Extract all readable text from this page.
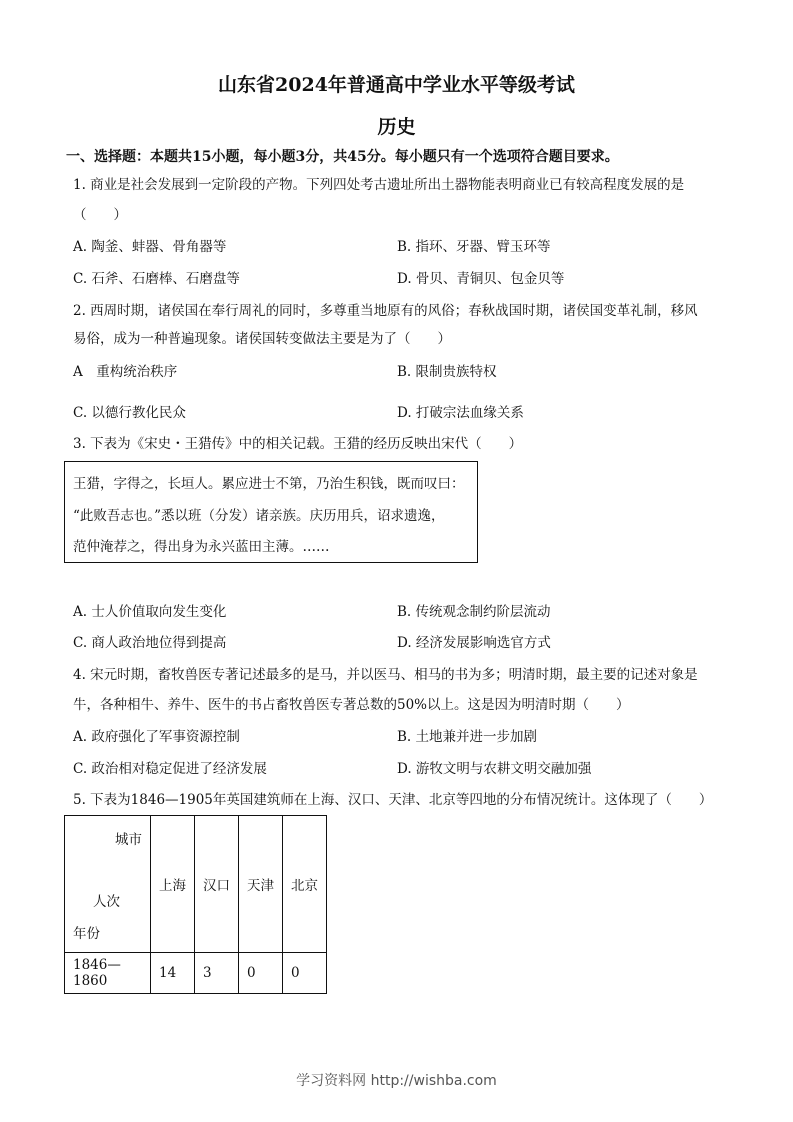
山东省2024年普通高中学业水平等级考试
历史
一、选择题：本题共15小题，每小题3分，共45分。每小题只有一个选项符合题目要求。
1. 商业是社会发展到一定阶段的产物。下列四处考古遗址所出土器物能表明商业已有较高程度发展的是
（　　）
A. 陶釜、蚌器、骨角器等	B. 指环、牙器、臂玉环等
C. 石斧、石磨棒、石磨盘等	D. 骨贝、青铜贝、包金贝等
2. 西周时期，诸侯国在奉行周礼的同时，多尊重当地原有的风俗；春秋战国时期，诸侯国变革礼制，移风
易俗，成为一种普遍现象。诸侯国转变做法主要是为了（　　）
A　重构统治秩序	B. 限制贵族特权
C. 以德行教化民众	D. 打破宗法血缘关系
3. 下表为《宋史・王猎传》中的相关记载。王猎的经历反映出宋代（　　）
王猎，字得之，长垣人。累应进士不第，乃治生积钱，既而叹曰：
“此败吾志也。”悉以班（分发）诸亲族。庆历用兵，诏求遗逸，
范仲淹荐之，得出身为永兴蓝田主薄。……
A. 士人价值取向发生变化	B. 传统观念制约阶层流动
C. 商人政治地位得到提高	D. 经济发展影响选官方式
4. 宋元时期，畜牧兽医专著记述最多的是马，并以医马、相马的书为多；明清时期，最主要的记述对象是
牛，各种相牛、养牛、医牛的书占畜牧兽医专著总数的50%以上。这是因为明清时期（　　）
A. 政府强化了军事资源控制	B. 土地兼并进一步加剧
C. 政治相对稳定促进了经济发展	D. 游牧文明与农耕文明交融加强
5. 下表为1846—1905年英国建筑师在上海、汉口、天津、北京等四地的分布情况统计。这体现了（　　）
城市
人次
年份	上海	汉口	天津	北京
1846—1860	14	3	0	0
学习资料网 http://wishba.com
